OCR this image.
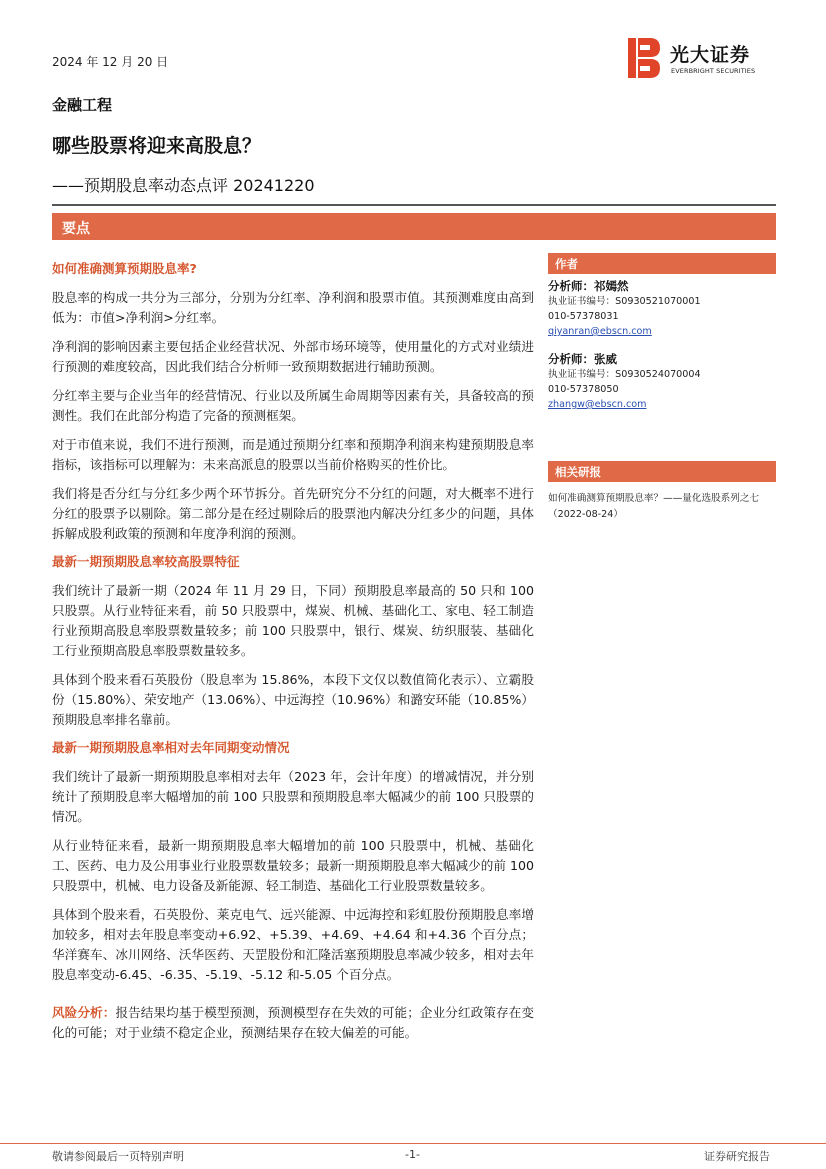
2024 年 12 月 20 日	光大证券
EVERBRIGHT SECURITIES
金融工程
哪些股票将迎来高股息？
——预期股息率动态点评 20241220
要点
如何准确测算预期股息率?

股息率的构成一共分为三部分，分别为分红率、净利润和股票市值。其预测难度由高到低为：市值>净利润>分红率。

净利润的影响因素主要包括企业经营状况、外部市场环境等，使用量化的方式对业绩进行预测的难度较高，因此我们结合分析师一致预期数据进行辅助预测。

分红率主要与企业当年的经营情况、行业以及所属生命周期等因素有关，具备较高的预测性。我们在此部分构造了完备的预测框架。

对于市值来说，我们不进行预测，而是通过预期分红率和预期净利润来构建预期股息率指标，该指标可以理解为：未来高派息的股票以当前价格购买的性价比。

我们将是否分红与分红多少两个环节拆分。首先研究分不分红的问题，对大概率不进行分红的股票予以剔除。第二部分是在经过剔除后的股票池内解决分红多少的问题，具体拆解成股利政策的预测和年度净利润的预测。

最新一期预期股息率较高股票特征

我们统计了最新一期（2024 年 11 月 29 日，下同）预期股息率最高的 50 只和 100 只股票。从行业特征来看，前 50 只股票中，煤炭、机械、基础化工、家电、轻工制造行业预期高股息率股票数量较多；前 100 只股票中，银行、煤炭、纺织服装、基础化工行业预期高股息率股票数量较多。

具体到个股来看石英股份（股息率为 15.86%，本段下文仅以数值简化表示）、立霸股份（15.80%）、荣安地产（13.06%）、中远海控（10.96%）和潞安环能（10.85%）预期股息率排名靠前。

最新一期预期股息率相对去年同期变动情况

我们统计了最新一期预期股息率相对去年（2023 年，会计年度）的增减情况，并分别统计了预期股息率大幅增加的前 100 只股票和预期股息率大幅减少的前 100 只股票的情况。

从行业特征来看，最新一期预期股息率大幅增加的前 100 只股票中，机械、基础化工、医药、电力及公用事业行业股票数量较多；最新一期预期股息率大幅减少的前 100 只股票中，机械、电力设备及新能源、轻工制造、基础化工行业股票数量较多。

具体到个股来看，石英股份、莱克电气、远兴能源、中远海控和彩虹股份预期股息率增加较多，相对去年股息率变动+6.92、+5.39、+4.69、+4.64 和+4.36 个百分点；华洋赛车、冰川网络、沃华医药、天罡股份和汇隆活塞预期股息率减少较多，相对去年股息率变动-6.45、-6.35、-5.19、-5.12 和-5.05 个百分点。

风险分析：报告结果均基于模型预测，预测模型存在失效的可能；企业分红政策存在变化的可能；对于业绩不稳定企业，预测结果存在较大偏差的可能。

作者
分析师：祁嫣然
执业证书编号：S0930521070001
010-57378031
qiyanran@ebscn.com
分析师：张威
执业证书编号：S0930524070004
010-57378050
zhangw@ebscn.com
相关研报
如何准确测算预期股息率？——量化选股系列之七（2022-08-24）
敬请参阅最后一页特别声明	-1-	证券研究报告
